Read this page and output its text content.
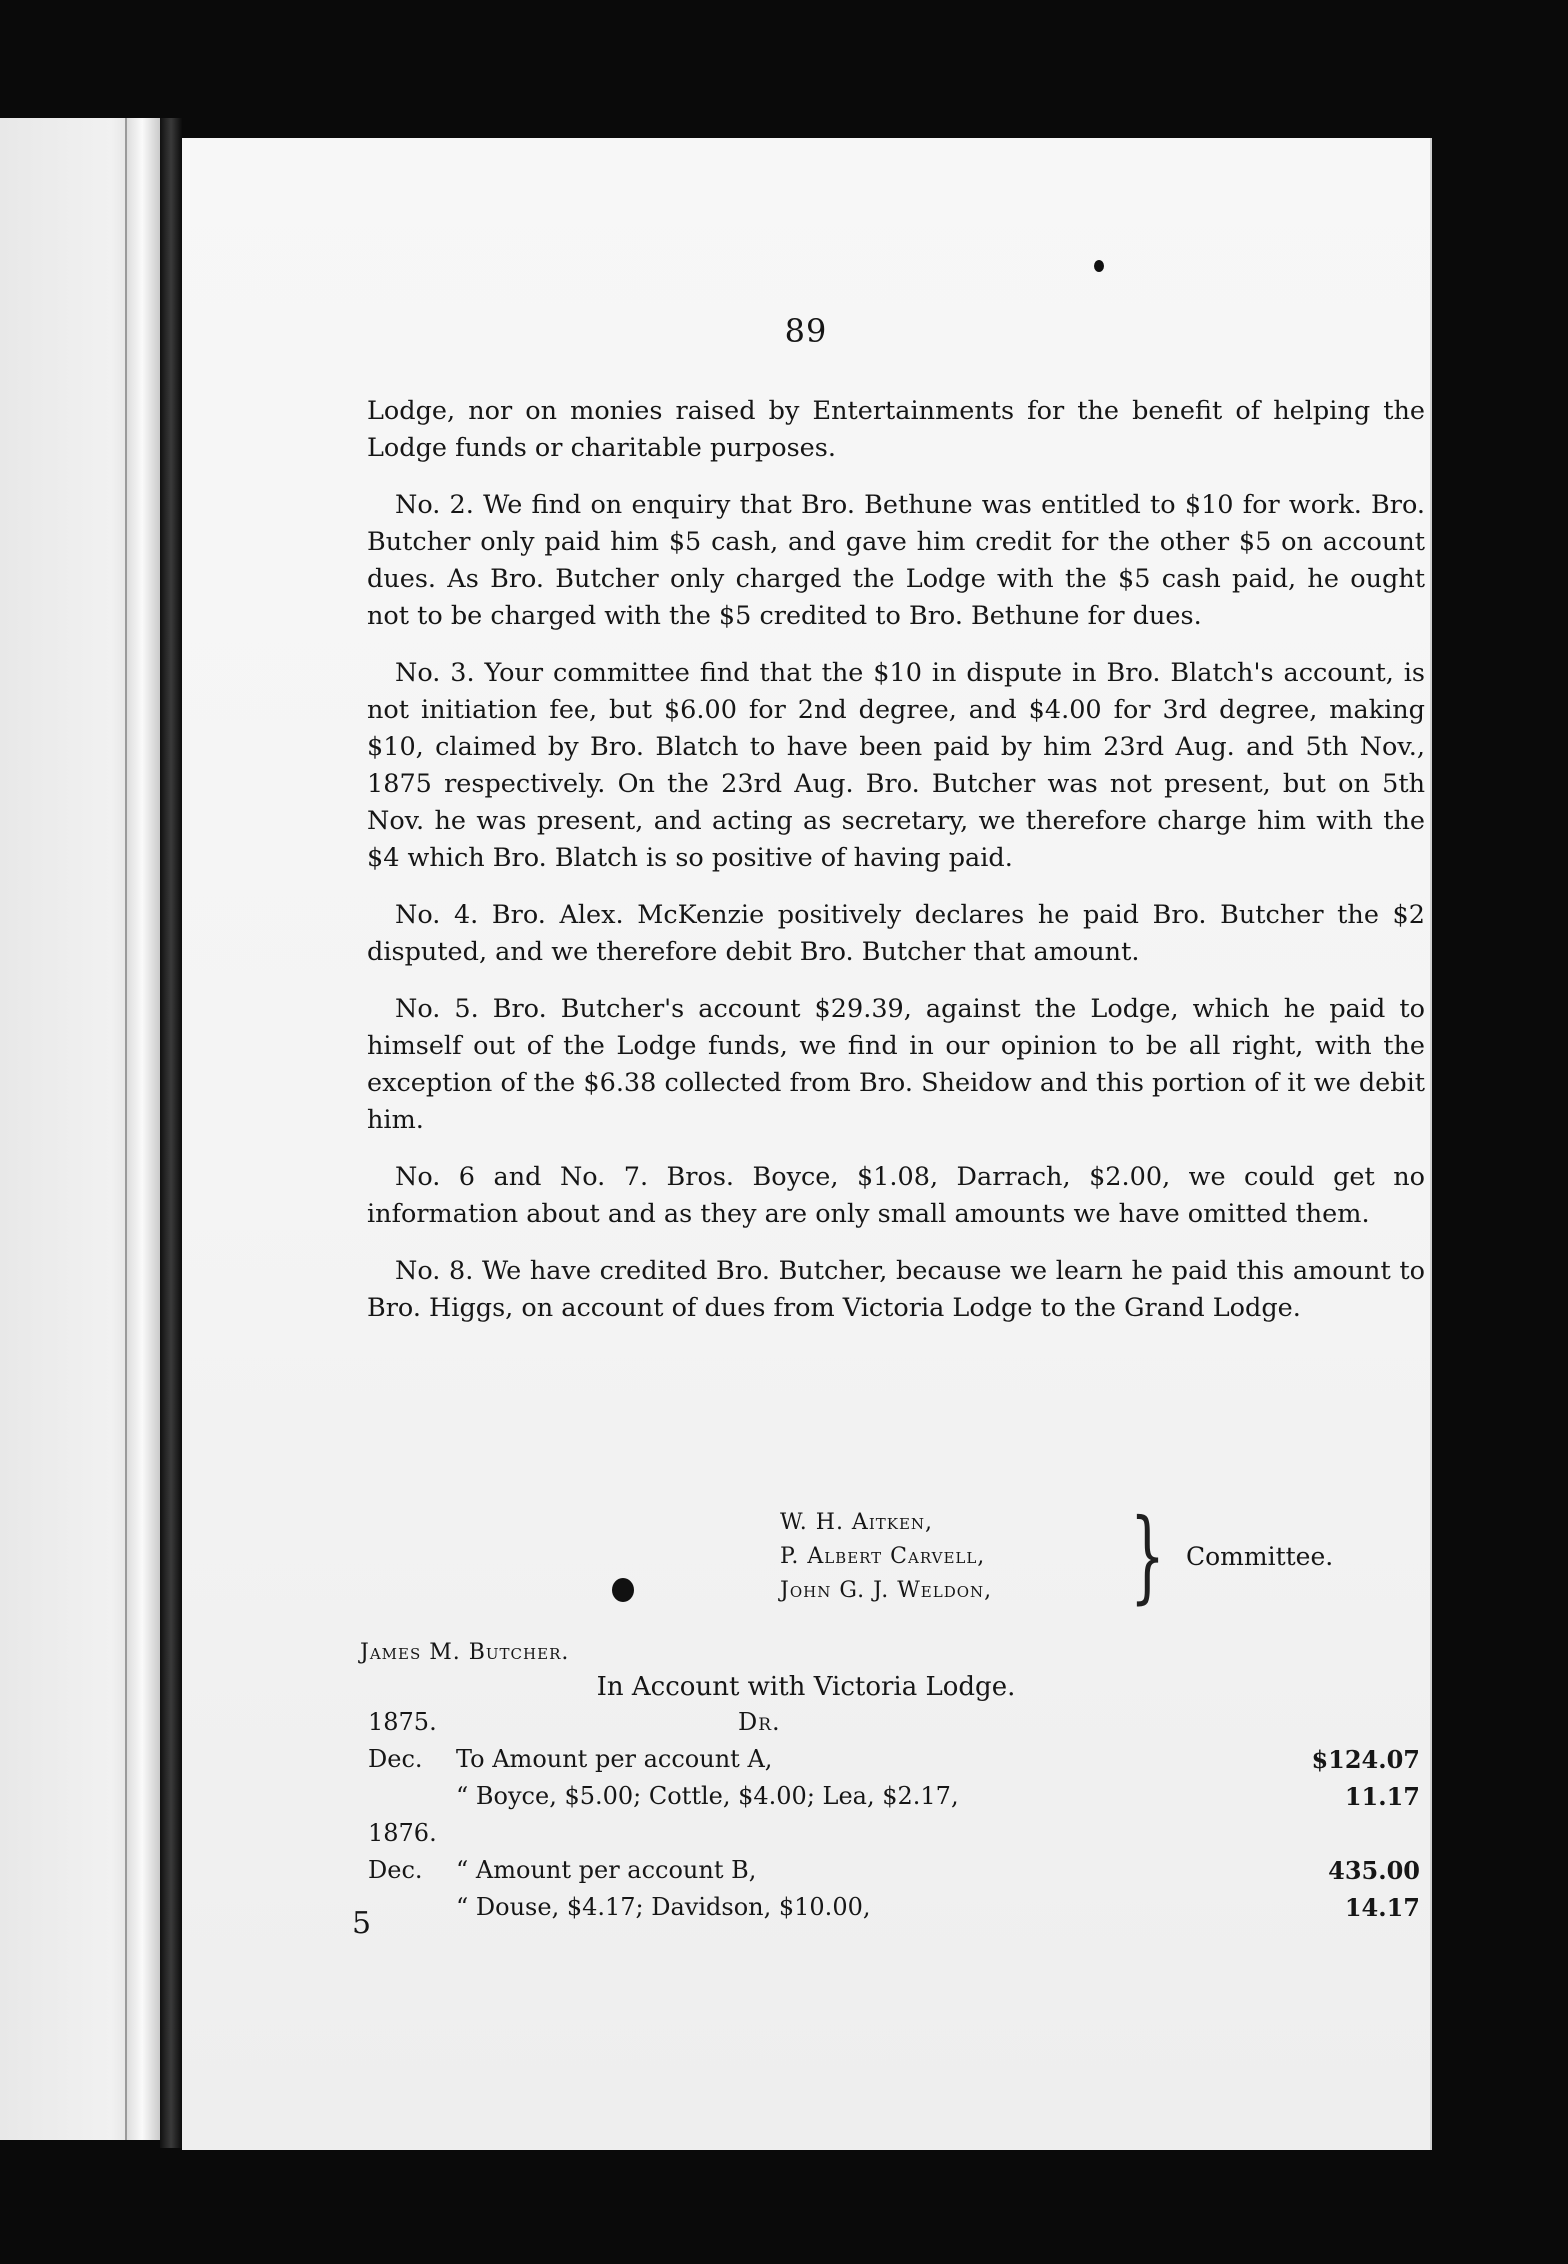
89

Lodge, nor on monies raised by Entertainments for the benefit of helping the Lodge funds or charitable purposes.

No. 2. We find on enquiry that Bro. Bethune was entitled to $10 for work. Bro. Butcher only paid him $5 cash, and gave him credit for the other $5 on account dues. As Bro. Butcher only charged the Lodge with the $5 cash paid, he ought not to be charged with the $5 credited to Bro. Bethune for dues.

No. 3. Your committee find that the $10 in dispute in Bro. Blatch's account, is not initiation fee, but $6.00 for 2nd degree, and $4.00 for 3rd degree, making $10, claimed by Bro. Blatch to have been paid by him 23rd Aug. and 5th Nov., 1875 respectively. On the 23rd Aug. Bro. Butcher was not present, but on 5th Nov. he was present, and acting as secretary, we therefore charge him with the $4 which Bro. Blatch is so positive of having paid.

No. 4. Bro. Alex. McKenzie positively declares he paid Bro. Butcher the $2 disputed, and we therefore debit Bro. Butcher that amount.

No. 5. Bro. Butcher's account $29.39, against the Lodge, which he paid to himself out of the Lodge funds, we find in our opinion to be all right, with the exception of the $6.38 collected from Bro. Sheidow and this portion of it we debit him.

No. 6 and No. 7. Bros. Boyce, $1.08, Darrach, $2.00, we could get no information about and as they are only small amounts we have omitted them.

No. 8. We have credited Bro. Butcher, because we learn he paid this amount to Bro. Higgs, on account of dues from Victoria Lodge to the Grand Lodge.

W. H. Aitken,
P. Albert Carvell,
John G. J. Weldon, } Committee.
James M. Butcher.
In Account with Victoria Lodge.
1875.	Dr.
Dec. To Amount per account A,	$124.07
“ Boyce, $5.00; Cottle, $4.00; Lea, $2.17,	11.17
1876.
Dec. “ Amount per account B,	435.00
“ Douse, $4.17; Davidson, $10.00,	14.17
5
